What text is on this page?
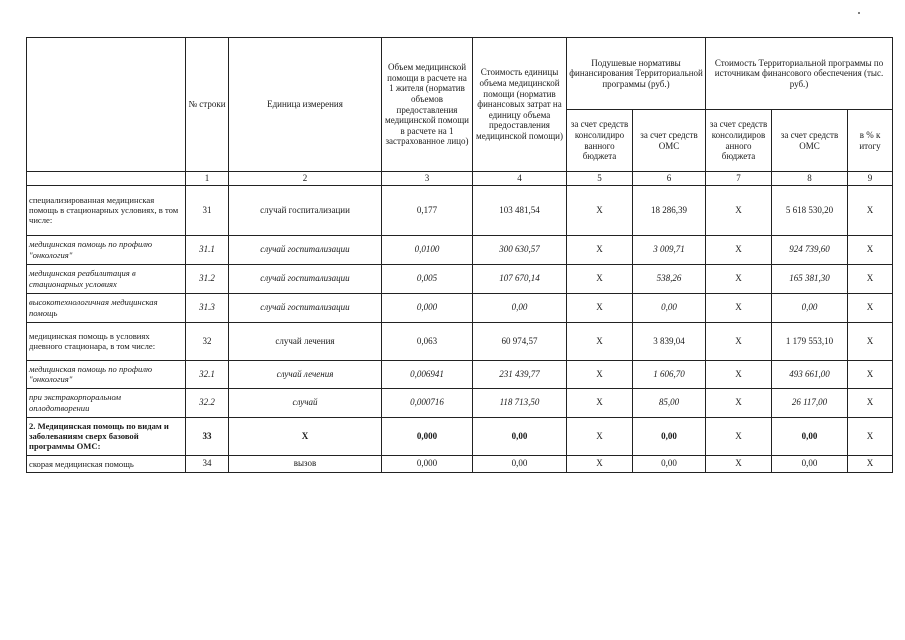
	№ строки	Единица измерения	Объем медицинской помощи в расчете на 1 жителя (норматив объемов предоставления медицинской помощи в расчете на 1 застрахованное лицо)	Стоимость единицы объема медицинской помощи (норматив финансовых затрат на единицу объема предоставления медицинской помощи)	Подушевые нормативы финансирования Территориальной программы (руб.)		Стоимость Территориальной программы по источникам финансового обеспечения (тыс. руб.)		
					за счет средств консолидиро ванного бюджета	за счет средств ОМС	за счет средств консолидиров анного бюджета	за счет средств ОМС	в % к итогу
	1	2	3	4	5	6	7	8	9
специализированная медицинская помощь в стационарных условиях, в том числе:	31	случай госпитализации	0,177	103 481,54	X	18 286,39	X	5 618 530,20	X
медицинская помощь по профилю "онкология"	31.1	случай госпитализации	0,0100	300 630,57	X	3 009,71	X	924 739,60	X
медицинская реабилитация в стационарных условиях	31.2	случай госпитализации	0,005	107 670,14	X	538,26	X	165 381,30	X
высокотехнологичная медицинская помощь	31.3	случай госпитализации	0,000	0,00	X	0,00	X	0,00	X
медицинская помощь в условиях дневного стационара, в том числе:	32	случай лечения	0,063	60 974,57	X	3 839,04	X	1 179 553,10	X
медицинская помощь по профилю "онкология"	32.1	случай лечения	0,006941	231 439,77	X	1 606,70	X	493 661,00	X
при экстракорпоральном оплодотворении	32.2	случай	0,000716	118 713,50	X	85,00	X	26 117,00	X
2. Медицинская помощь по видам и заболеваниям сверх базовой программы ОМС:	33	X	0,000	0,00	X	0,00	X	0,00	X
скорая медицинская помощь	34	вызов	0,000	0,00	X	0,00	X	0,00	X
